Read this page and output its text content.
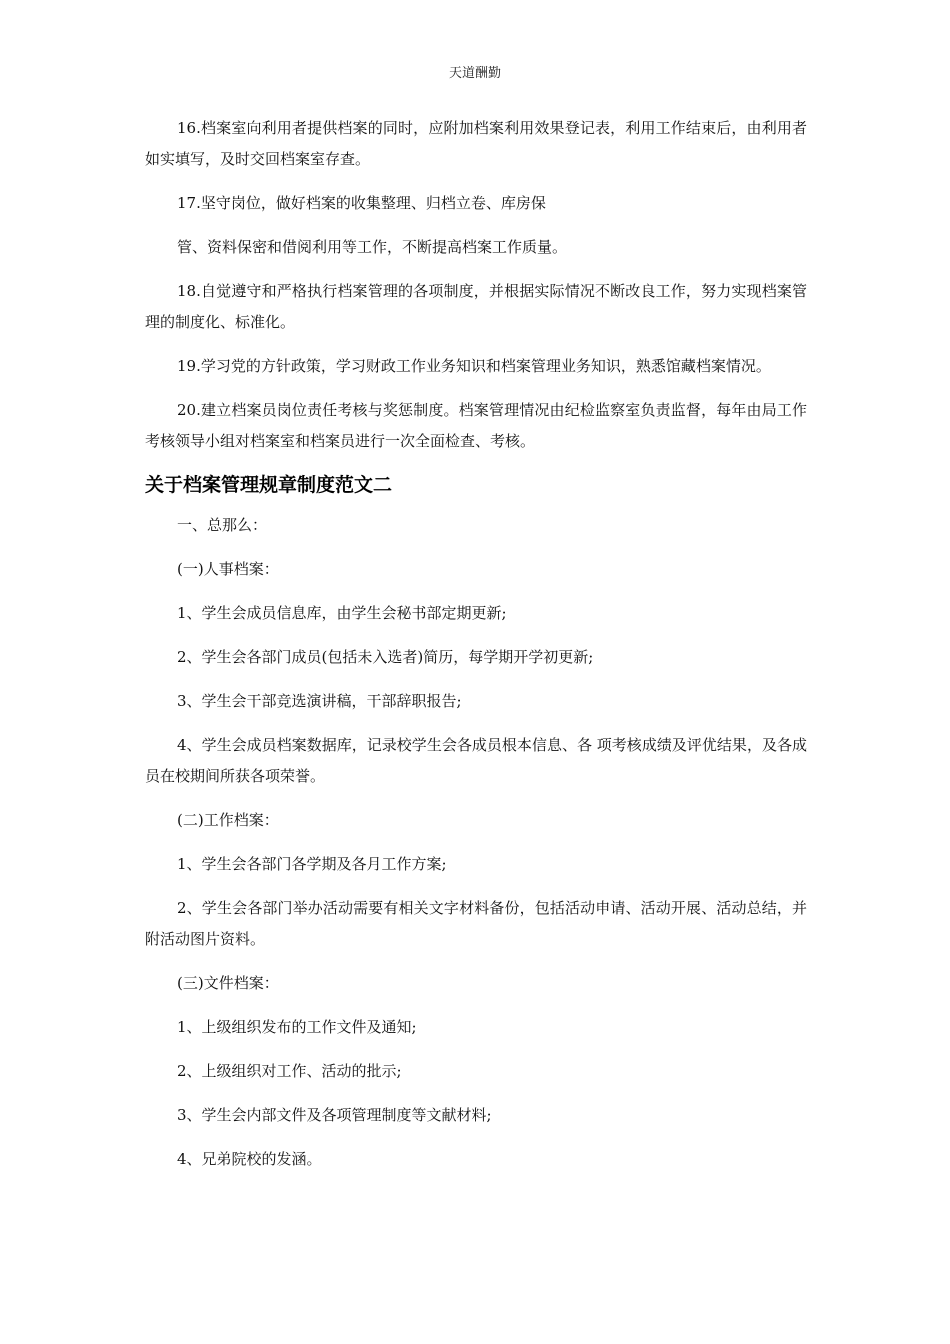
天道酬勤

16.档案室向利用者提供档案的同时，应附加档案利用效果登记表，利用工作结束后，由利用者如实填写，及时交回档案室存查。

17.坚守岗位，做好档案的收集整理、归档立卷、库房保

管、资料保密和借阅利用等工作，不断提高档案工作质量。

18.自觉遵守和严格执行档案管理的各项制度，并根据实际情况不断改良工作，努力实现档案管理的制度化、标准化。

19.学习党的方针政策，学习财政工作业务知识和档案管理业务知识，熟悉馆藏档案情况。

20.建立档案员岗位责任考核与奖惩制度。档案管理情况由纪检监察室负责监督，每年由局工作考核领导小组对档案室和档案员进行一次全面检查、考核。

关于档案管理规章制度范文二

一、总那么：

(一)人事档案：

1、学生会成员信息库，由学生会秘书部定期更新;

2、学生会各部门成员(包括未入选者)简历，每学期开学初更新;

3、学生会干部竞选演讲稿，干部辞职报告;

4、学生会成员档案数据库，记录校学生会各成员根本信息、各 项考核成绩及评优结果，及各成员在校期间所获各项荣誉。

(二)工作档案：

1、学生会各部门各学期及各月工作方案;

2、学生会各部门举办活动需要有相关文字材料备份，包括活动申请、活动开展、活动总结，并附活动图片资料。

(三)文件档案：

1、上级组织发布的工作文件及通知;

2、上级组织对工作、活动的批示;

3、学生会内部文件及各项管理制度等文献材料;

4、兄弟院校的发涵。
